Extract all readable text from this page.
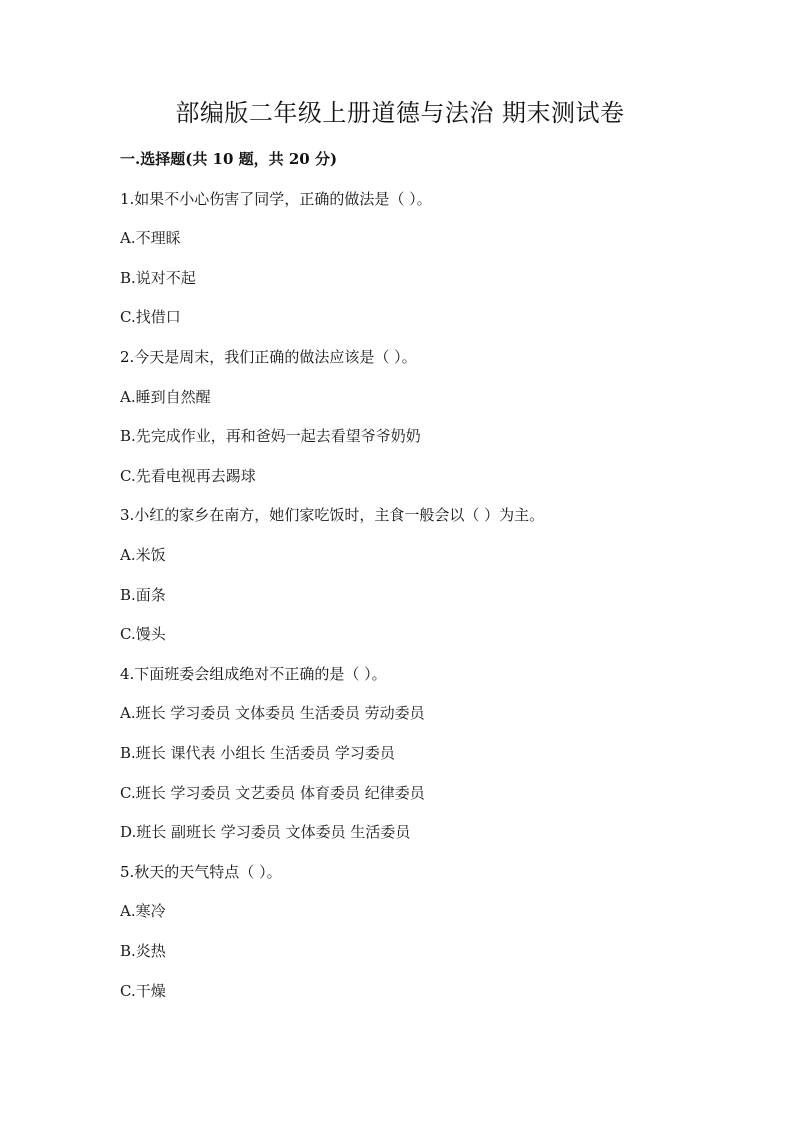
部编版二年级上册道德与法治 期末测试卷
一.选择题(共 10 题，共 20 分)
1.如果不小心伤害了同学，正确的做法是（ ）。
A.不理睬
B.说对不起
C.找借口
2.今天是周末，我们正确的做法应该是（ ）。
A.睡到自然醒
B.先完成作业，再和爸妈一起去看望爷爷奶奶
C.先看电视再去踢球
3.小红的家乡在南方，她们家吃饭时，主食一般会以（ ）为主。
A.米饭
B.面条
C.馒头
4.下面班委会组成绝对不正确的是（ ）。
A.班长 学习委员 文体委员 生活委员 劳动委员
B.班长 课代表 小组长 生活委员 学习委员
C.班长 学习委员 文艺委员 体育委员 纪律委员
D.班长 副班长 学习委员 文体委员 生活委员
5.秋天的天气特点（ ）。
A.寒冷
B.炎热
C.干燥
